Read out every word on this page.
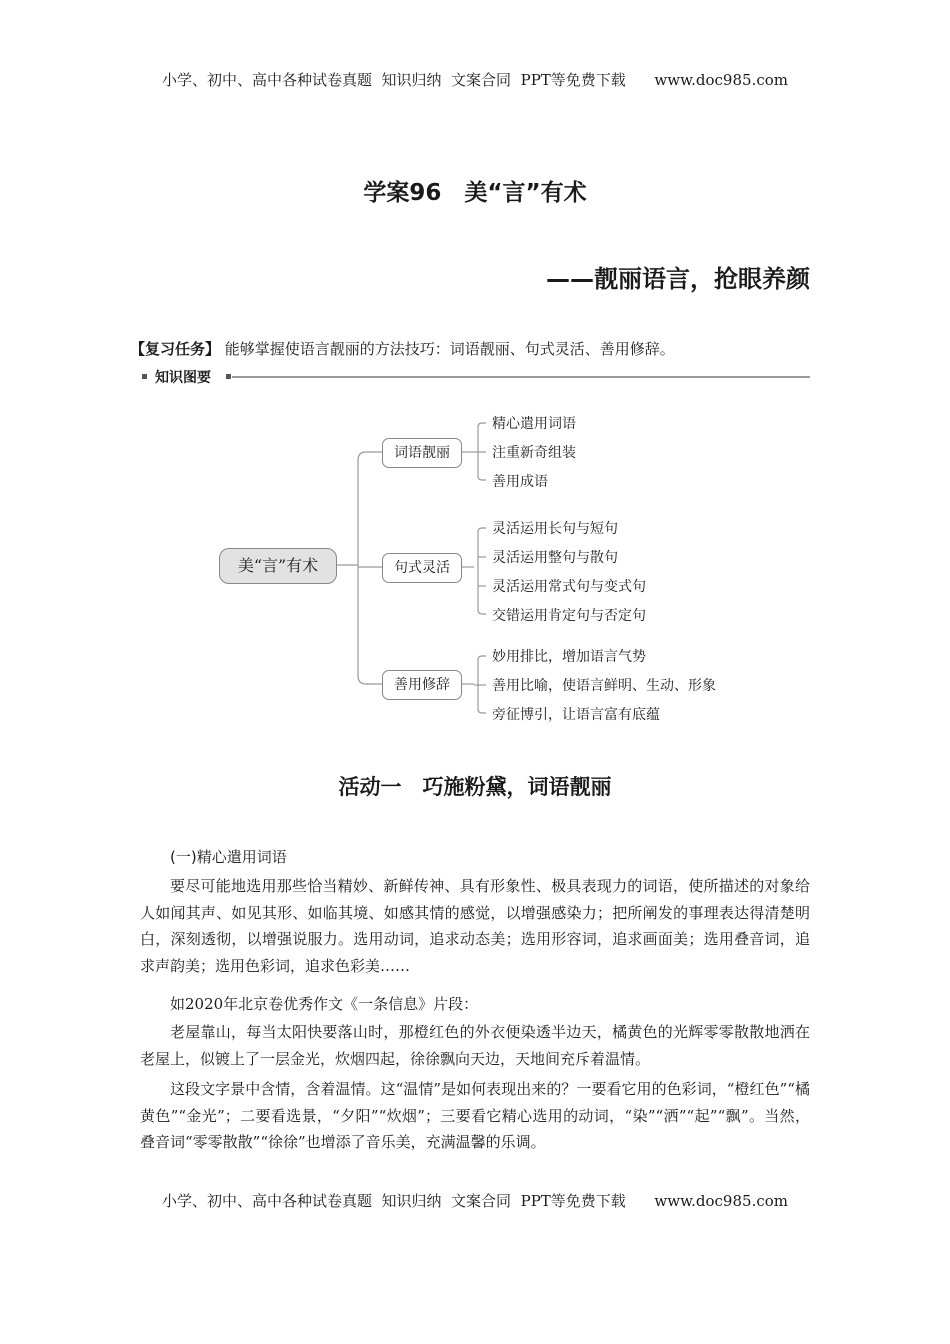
小学、初中、高中各种试卷真题  知识归纳  文案合同  PPT等免费下载      www.doc985.com
学案96　美“言”有术
——靓丽语言，抢眼养颜
【复习任务】 能够掌握使语言靓丽的方法技巧：词语靓丽、句式灵活、善用修辞。
知识图要
美“言”有术
词语靓丽
句式灵活
善用修辞
精心遣用词语
注重新奇组装
善用成语
灵活运用长句与短句
灵活运用整句与散句
灵活运用常式句与变式句
交错运用肯定句与否定句
妙用排比，增加语言气势
善用比喻，使语言鲜明、生动、形象
旁征博引，让语言富有底蕴
活动一　巧施粉黛，词语靓丽
(一)精心遣用词语
要尽可能地选用那些恰当精妙、新鲜传神、具有形象性、极具表现力的词语，使所描述的对象给人如闻其声、如见其形、如临其境、如感其情的感觉，以增强感染力；把所阐发的事理表达得清楚明白，深刻透彻，以增强说服力。选用动词，追求动态美；选用形容词，追求画面美；选用叠音词，追求声韵美；选用色彩词，追求色彩美……
如2020年北京卷优秀作文《一条信息》片段：
老屋靠山，每当太阳快要落山时，那橙红色的外衣便染透半边天，橘黄色的光辉零零散散地洒在老屋上，似镀上了一层金光，炊烟四起，徐徐飘向天边，天地间充斥着温情。
这段文字景中含情，含着温情。这“温情”是如何表现出来的？一要看它用的色彩词，“橙红色”“橘黄色”“金光”；二要看选景，“夕阳”“炊烟”；三要看它精心选用的动词，“染”“洒”“起”“飘”。当然，叠音词“零零散散”“徐徐”也增添了音乐美，充满温馨的乐调。
小学、初中、高中各种试卷真题  知识归纳  文案合同  PPT等免费下载      www.doc985.com
